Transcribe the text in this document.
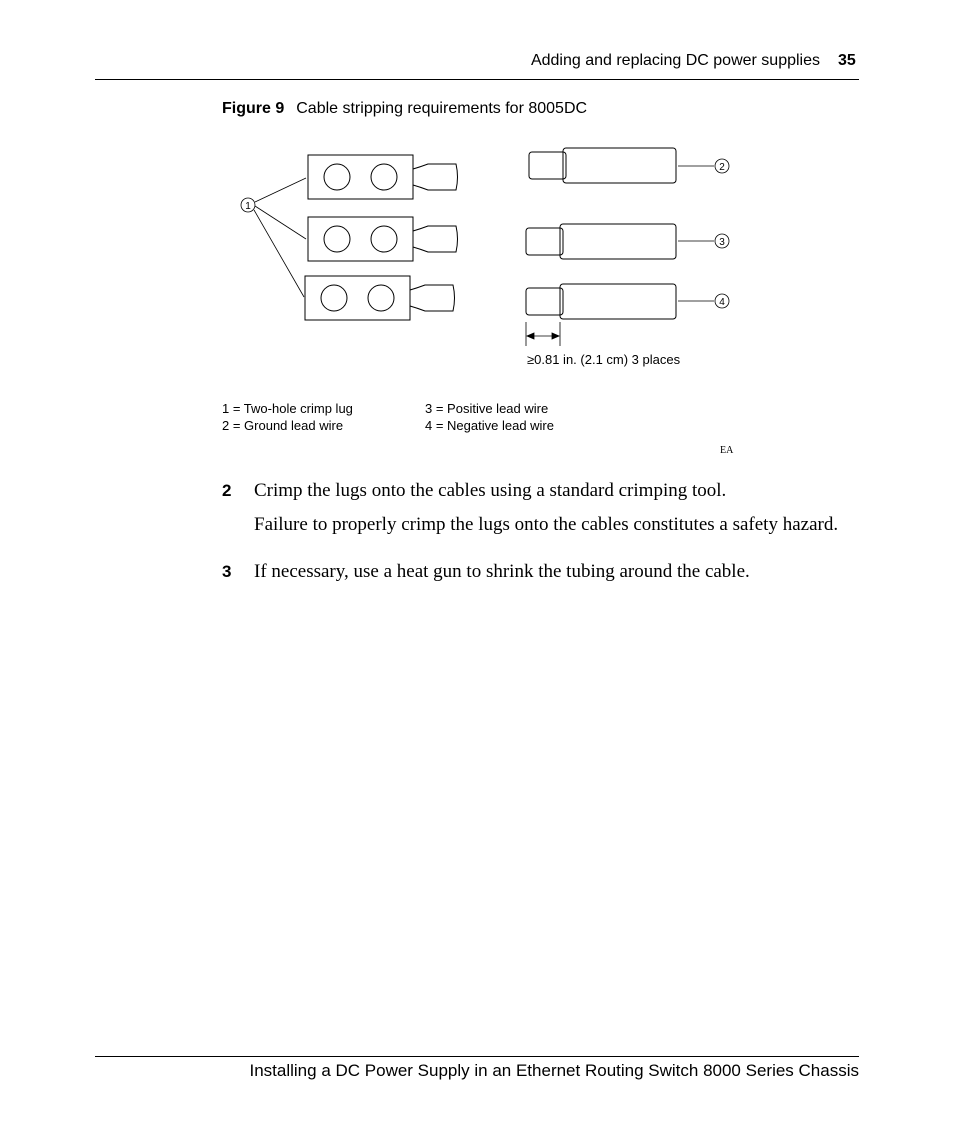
Adding and replacing DC power supplies 35
Figure 9 Cable stripping requirements for 8005DC
1
2
3
4
≥0.81 in. (2.1 cm) 3 places
1 = Two-hole crimp lug
2 = Ground lead wire
3 = Positive lead wire
4 = Negative lead wire
EA
2 Crimp the lugs onto the cables using a standard crimping tool.
Failure to properly crimp the lugs onto the cables constitutes a safety hazard.
3 If necessary, use a heat gun to shrink the tubing around the cable.
Installing a DC Power Supply in an Ethernet Routing Switch 8000 Series Chassis
